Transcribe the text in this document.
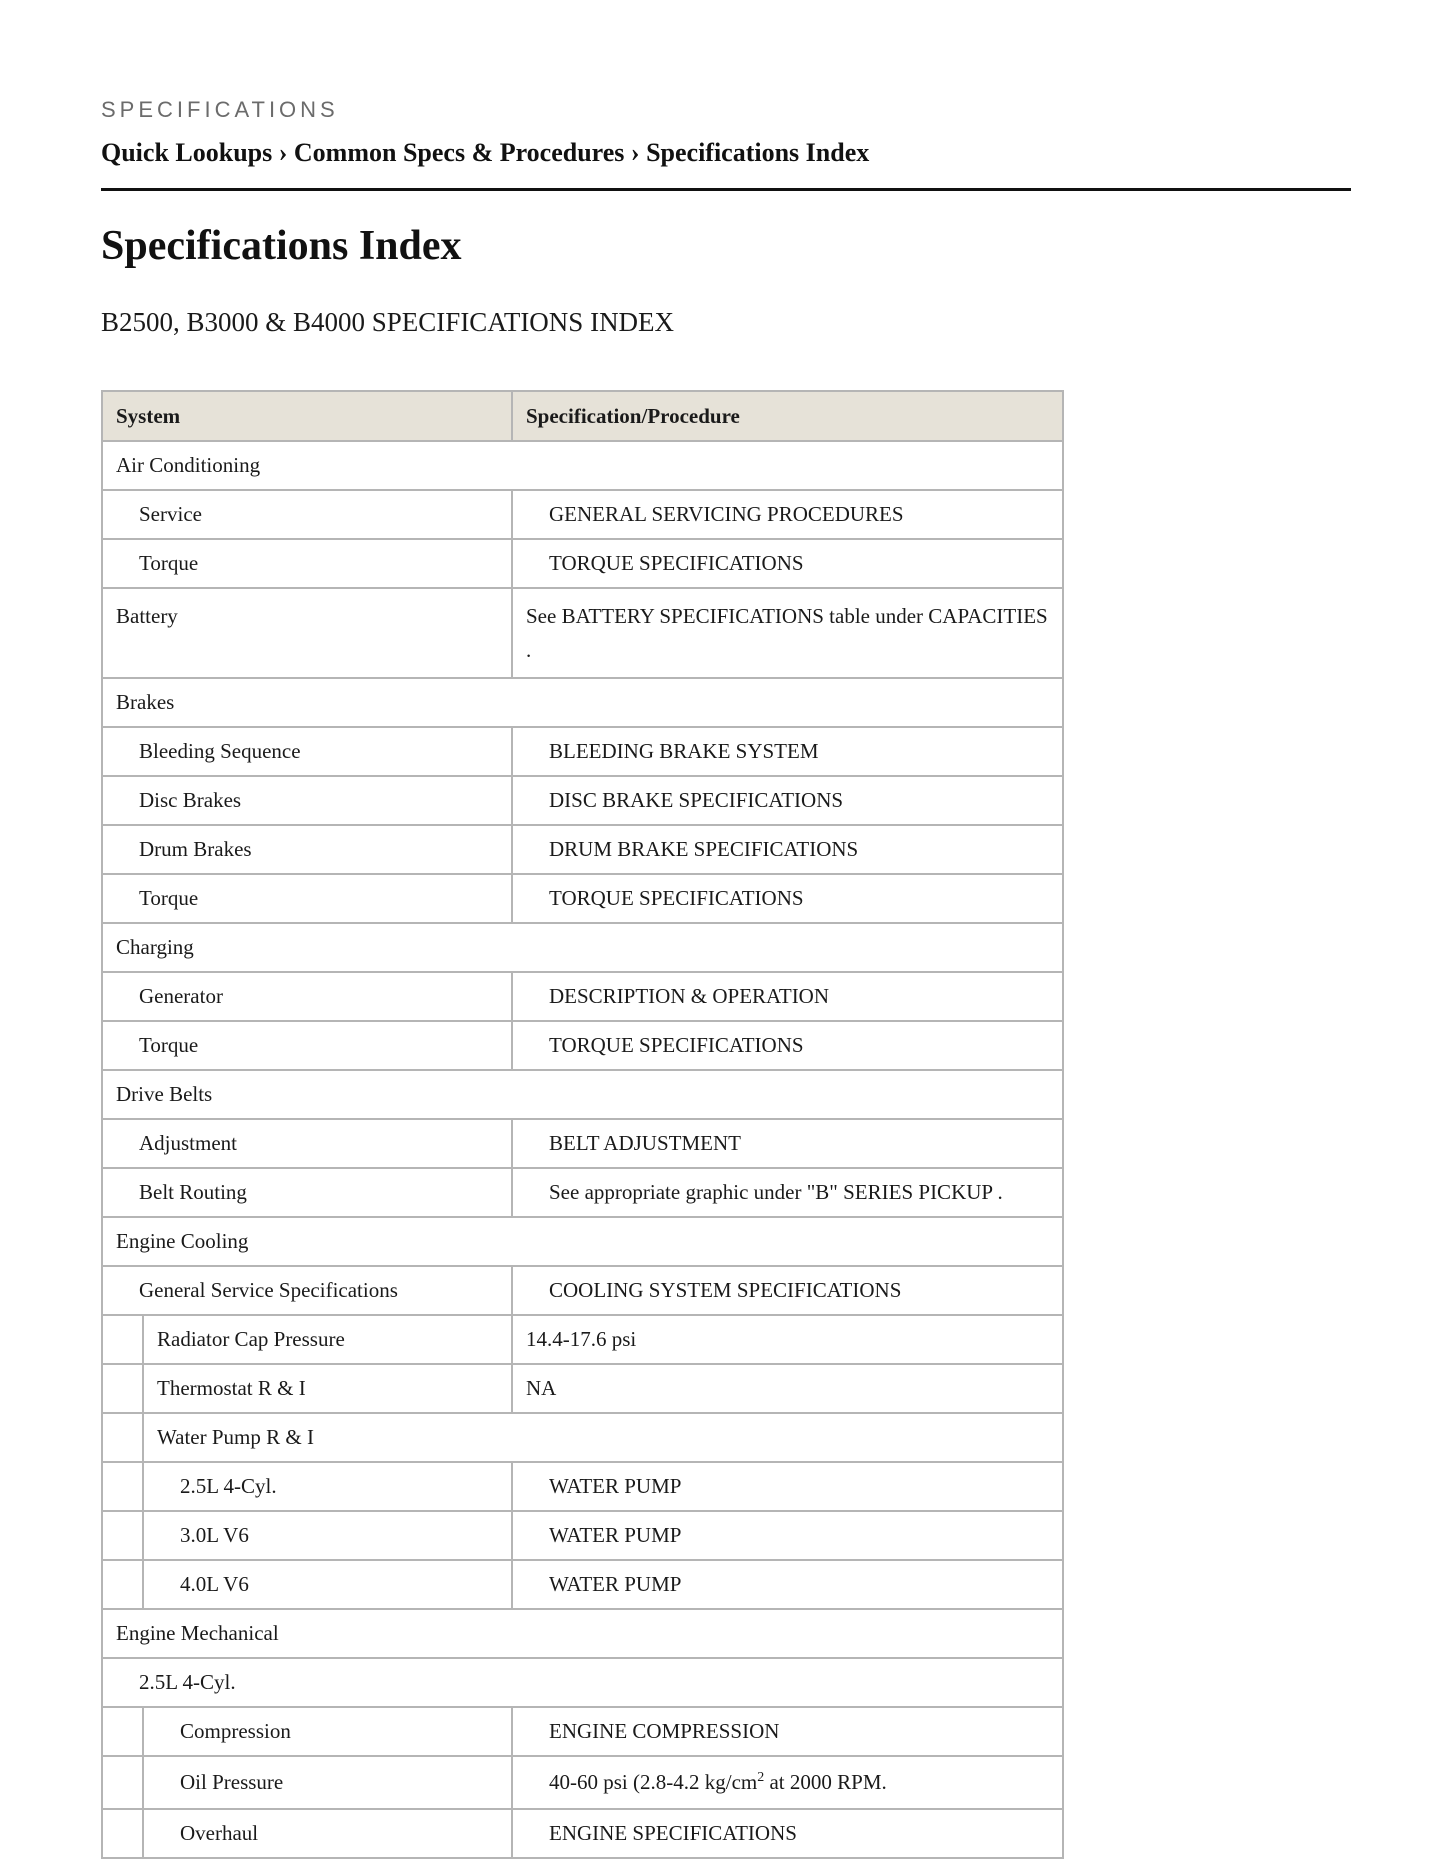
SPECIFICATIONS
Quick Lookups › Common Specs & Procedures › Specifications Index
Specifications Index
B2500, B3000 & B4000 SPECIFICATIONS INDEX
System		Specification/Procedure
Air Conditioning		
Service		GENERAL SERVICING PROCEDURES
Torque		TORQUE SPECIFICATIONS
Battery		See BATTERY SPECIFICATIONS table under CAPACITIES .
Brakes		
Bleeding Sequence		BLEEDING BRAKE SYSTEM
Disc Brakes		DISC BRAKE SPECIFICATIONS
Drum Brakes		DRUM BRAKE SPECIFICATIONS
Torque		TORQUE SPECIFICATIONS
Charging		
Generator		DESCRIPTION & OPERATION
Torque		TORQUE SPECIFICATIONS
Drive Belts		
Adjustment		BELT ADJUSTMENT
Belt Routing		See appropriate graphic under "B" SERIES PICKUP .
Engine Cooling		
General Service Specifications		COOLING SYSTEM SPECIFICATIONS
	Radiator Cap Pressure	14.4-17.6 psi
	Thermostat R & I	NA
	Water Pump R & I	
	2.5L 4-Cyl.	WATER PUMP
	3.0L V6	WATER PUMP
	4.0L V6	WATER PUMP
Engine Mechanical		
2.5L 4-Cyl.		
	Compression	ENGINE COMPRESSION
	Oil Pressure	40-60 psi (2.8-4.2 $kg/cm^2$ at 2000 RPM.
	Overhaul	ENGINE SPECIFICATIONS
